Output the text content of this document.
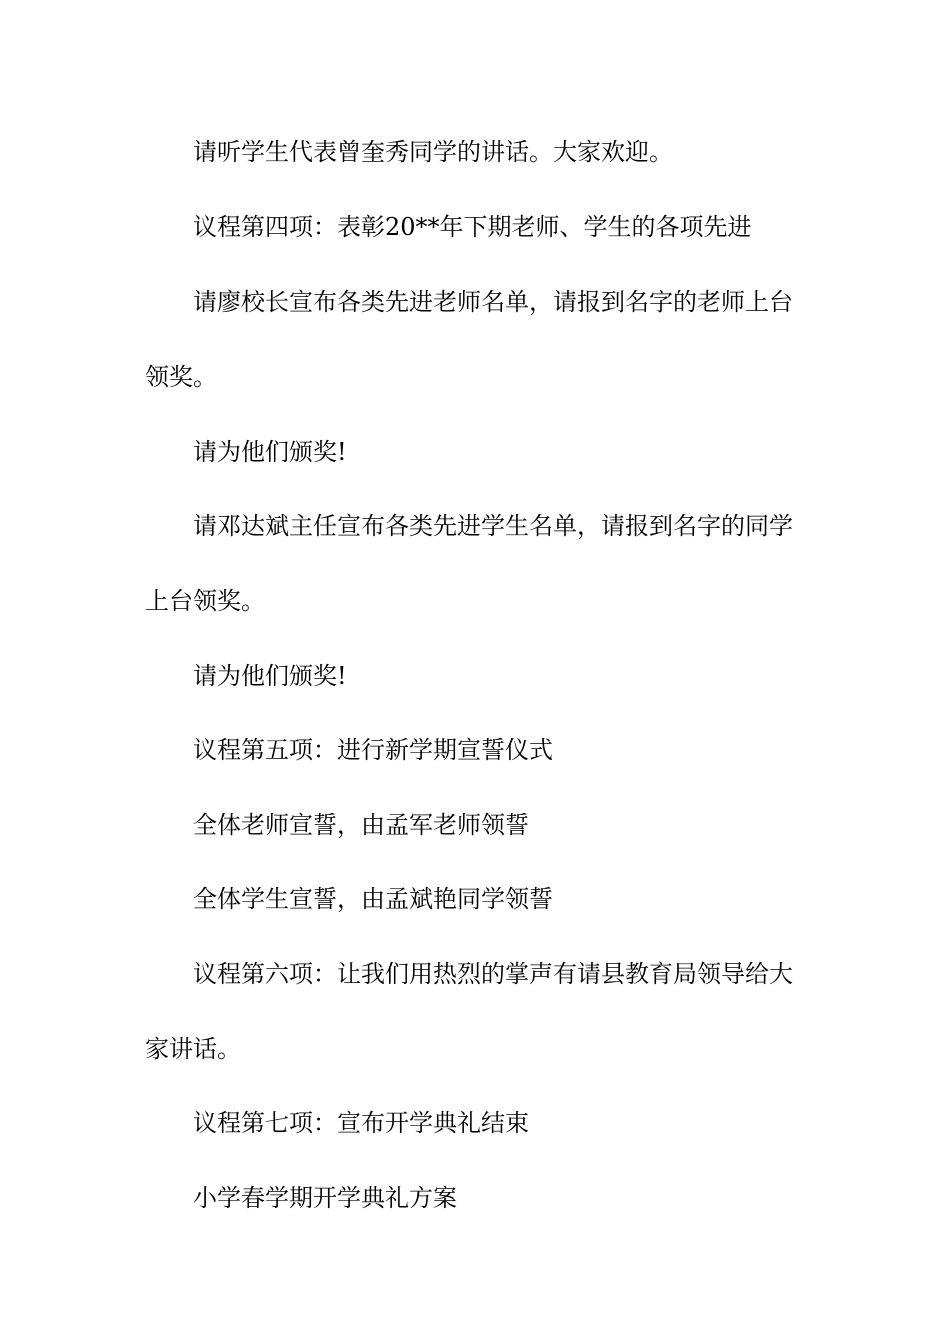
请听学生代表曾奎秀同学的讲话。大家欢迎。

议程第四项：表彰20**年下期老师、学生的各项先进

请廖校长宣布各类先进老师名单，请报到名字的老师上台

领奖。

请为他们颁奖!

请邓达斌主任宣布各类先进学生名单，请报到名字的同学

上台领奖。

请为他们颁奖!

议程第五项：进行新学期宣誓仪式

全体老师宣誓，由孟军老师领誓

全体学生宣誓，由孟斌艳同学领誓

议程第六项：让我们用热烈的掌声有请县教育局领导给大

家讲话。

议程第七项：宣布开学典礼结束

小学春学期开学典礼方案
